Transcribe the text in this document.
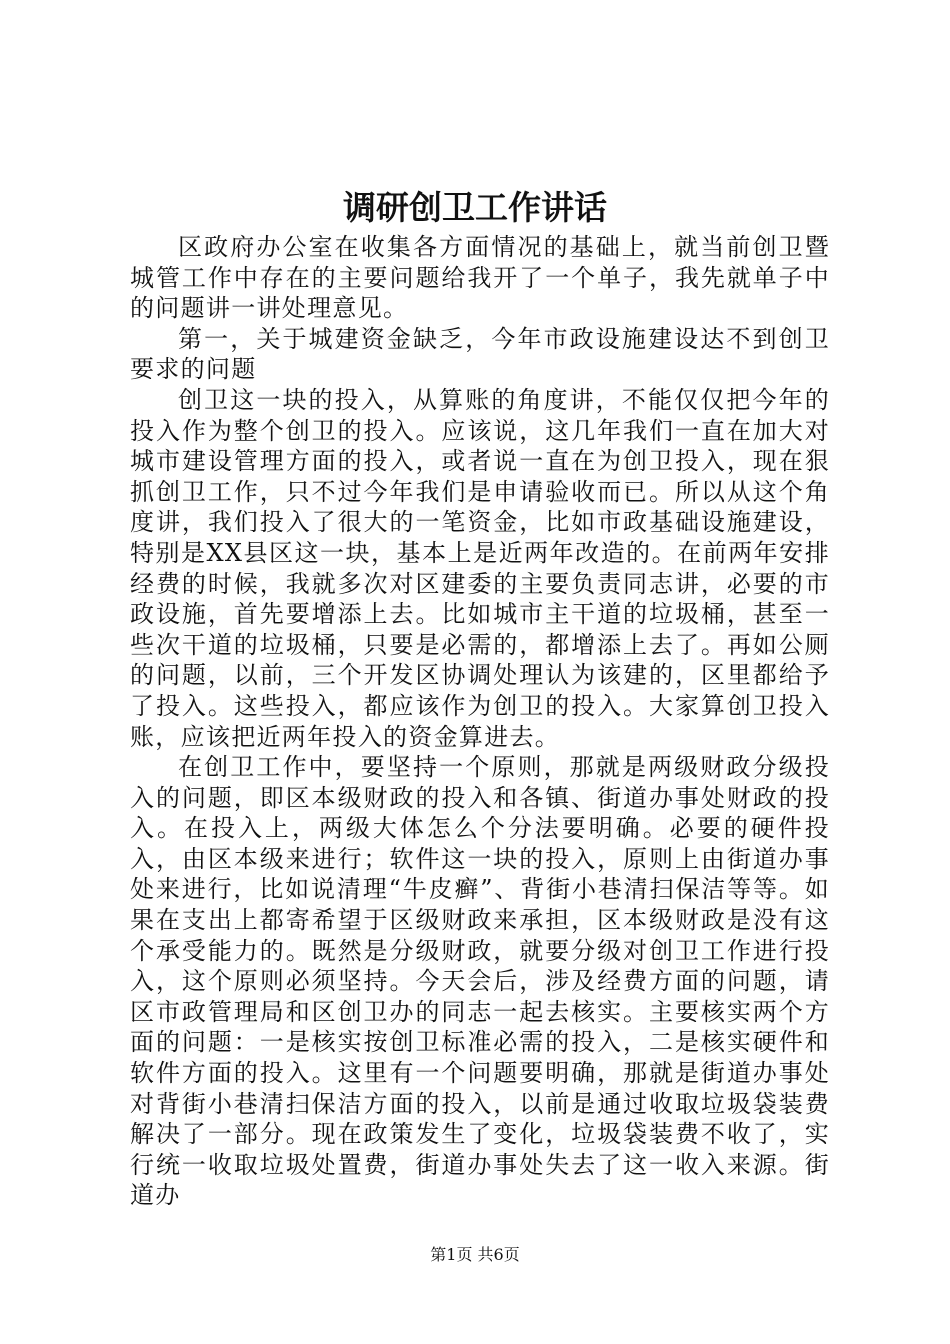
调研创卫工作讲话

区政府办公室在收集各方面情况的基础上，就当前创卫暨城管工作中存在的主要问题给我开了一个单子，我先就单子中的问题讲一讲处理意见。

第一，关于城建资金缺乏，今年市政设施建设达不到创卫要求的问题

创卫这一块的投入，从算账的角度讲，不能仅仅把今年的投入作为整个创卫的投入。应该说，这几年我们一直在加大对城市建设管理方面的投入，或者说一直在为创卫投入，现在狠抓创卫工作，只不过今年我们是申请验收而已。所以从这个角度讲，我们投入了很大的一笔资金，比如市政基础设施建设，特别是XX县区这一块，基本上是近两年改造的。在前两年安排经费的时候，我就多次对区建委的主要负责同志讲，必要的市政设施，首先要增添上去。比如城市主干道的垃圾桶，甚至一些次干道的垃圾桶，只要是必需的，都增添上去了。再如公厕的问题，以前，三个开发区协调处理认为该建的，区里都给予了投入。这些投入，都应该作为创卫的投入。大家算创卫投入账，应该把近两年投入的资金算进去。

在创卫工作中，要坚持一个原则，那就是两级财政分级投入的问题，即区本级财政的投入和各镇、街道办事处财政的投入。在投入上，两级大体怎么个分法要明确。必要的硬件投入，由区本级来进行；软件这一块的投入，原则上由街道办事处来进行，比如说清理“牛皮癣”、背街小巷清扫保洁等等。如果在支出上都寄希望于区级财政来承担，区本级财政是没有这个承受能力的。既然是分级财政，就要分级对创卫工作进行投入，这个原则必须坚持。今天会后，涉及经费方面的问题，请区市政管理局和区创卫办的同志一起去核实。主要核实两个方面的问题：一是核实按创卫标准必需的投入，二是核实硬件和软件方面的投入。这里有一个问题要明确，那就是街道办事处对背街小巷清扫保洁方面的投入，以前是通过收取垃圾袋装费解决了一部分。现在政策发生了变化，垃圾袋装费不收了，实行统一收取垃圾处置费，街道办事处失去了这一收入来源。街道办

第1页 共6页
